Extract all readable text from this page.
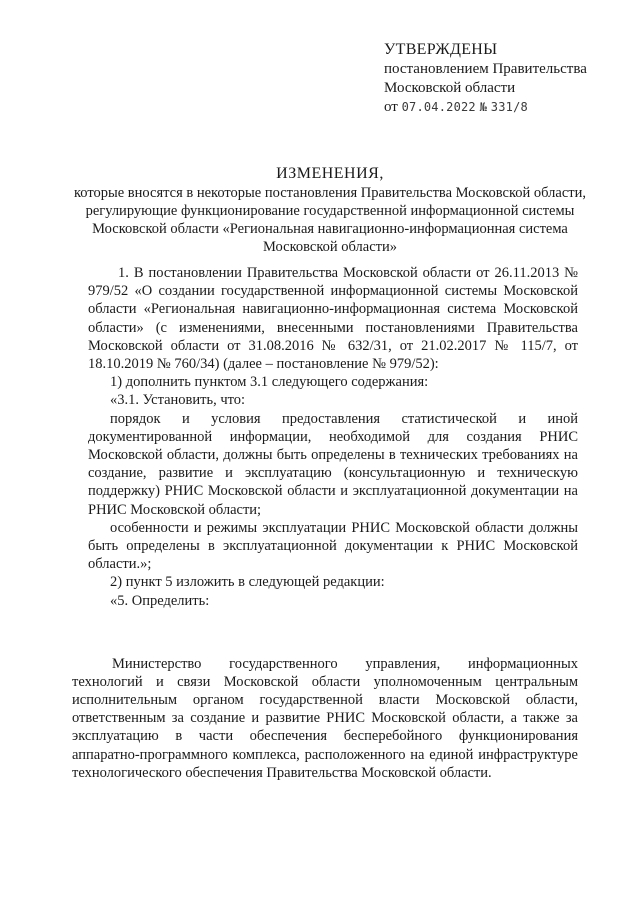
УТВЕРЖДЕНЫ
постановлением Правительства
Московской области
от 07.04.2022 № 331/8
ИЗМЕНЕНИЯ,
которые вносятся в некоторые постановления Правительства Московской области, регулирующие функционирование государственной информационной системы Московской области «Региональная навигационно-информационная система Московской области»

1. В постановлении Правительства Московской области от 26.11.2013 № 979/52 «О создании государственной информационной системы Московской области «Региональная навигационно-информационная система Московской области» (с изменениями, внесенными постановлениями Правительства Московской области от 31.08.2016 № 632/31, от 21.02.2017 № 115/7, от 18.10.2019 № 760/34) (далее – постановление № 979/52):

1) дополнить пунктом 3.1 следующего содержания:

«3.1. Установить, что:

порядок и условия предоставления статистической и иной документированной информации, необходимой для создания РНИС Московской области, должны быть определены в технических требованиях на создание, развитие и эксплуатацию (консультационную и техническую поддержку) РНИС Московской области и эксплуатационной документации на РНИС Московской области;

особенности и режимы эксплуатации РНИС Московской области должны быть определены в эксплуатационной документации к РНИС Московской области.»;

2) пункт 5 изложить в следующей редакции:

«5. Определить:

Министерство государственного управления, информационных технологий и связи Московской области уполномоченным центральным исполнительным органом государственной власти Московской области, ответственным за создание и развитие РНИС Московской области, а также за эксплуатацию в части обеспечения бесперебойного функционирования аппаратно-программного комплекса, расположенного на единой инфраструктуре технологического обеспечения Правительства Московской области.
